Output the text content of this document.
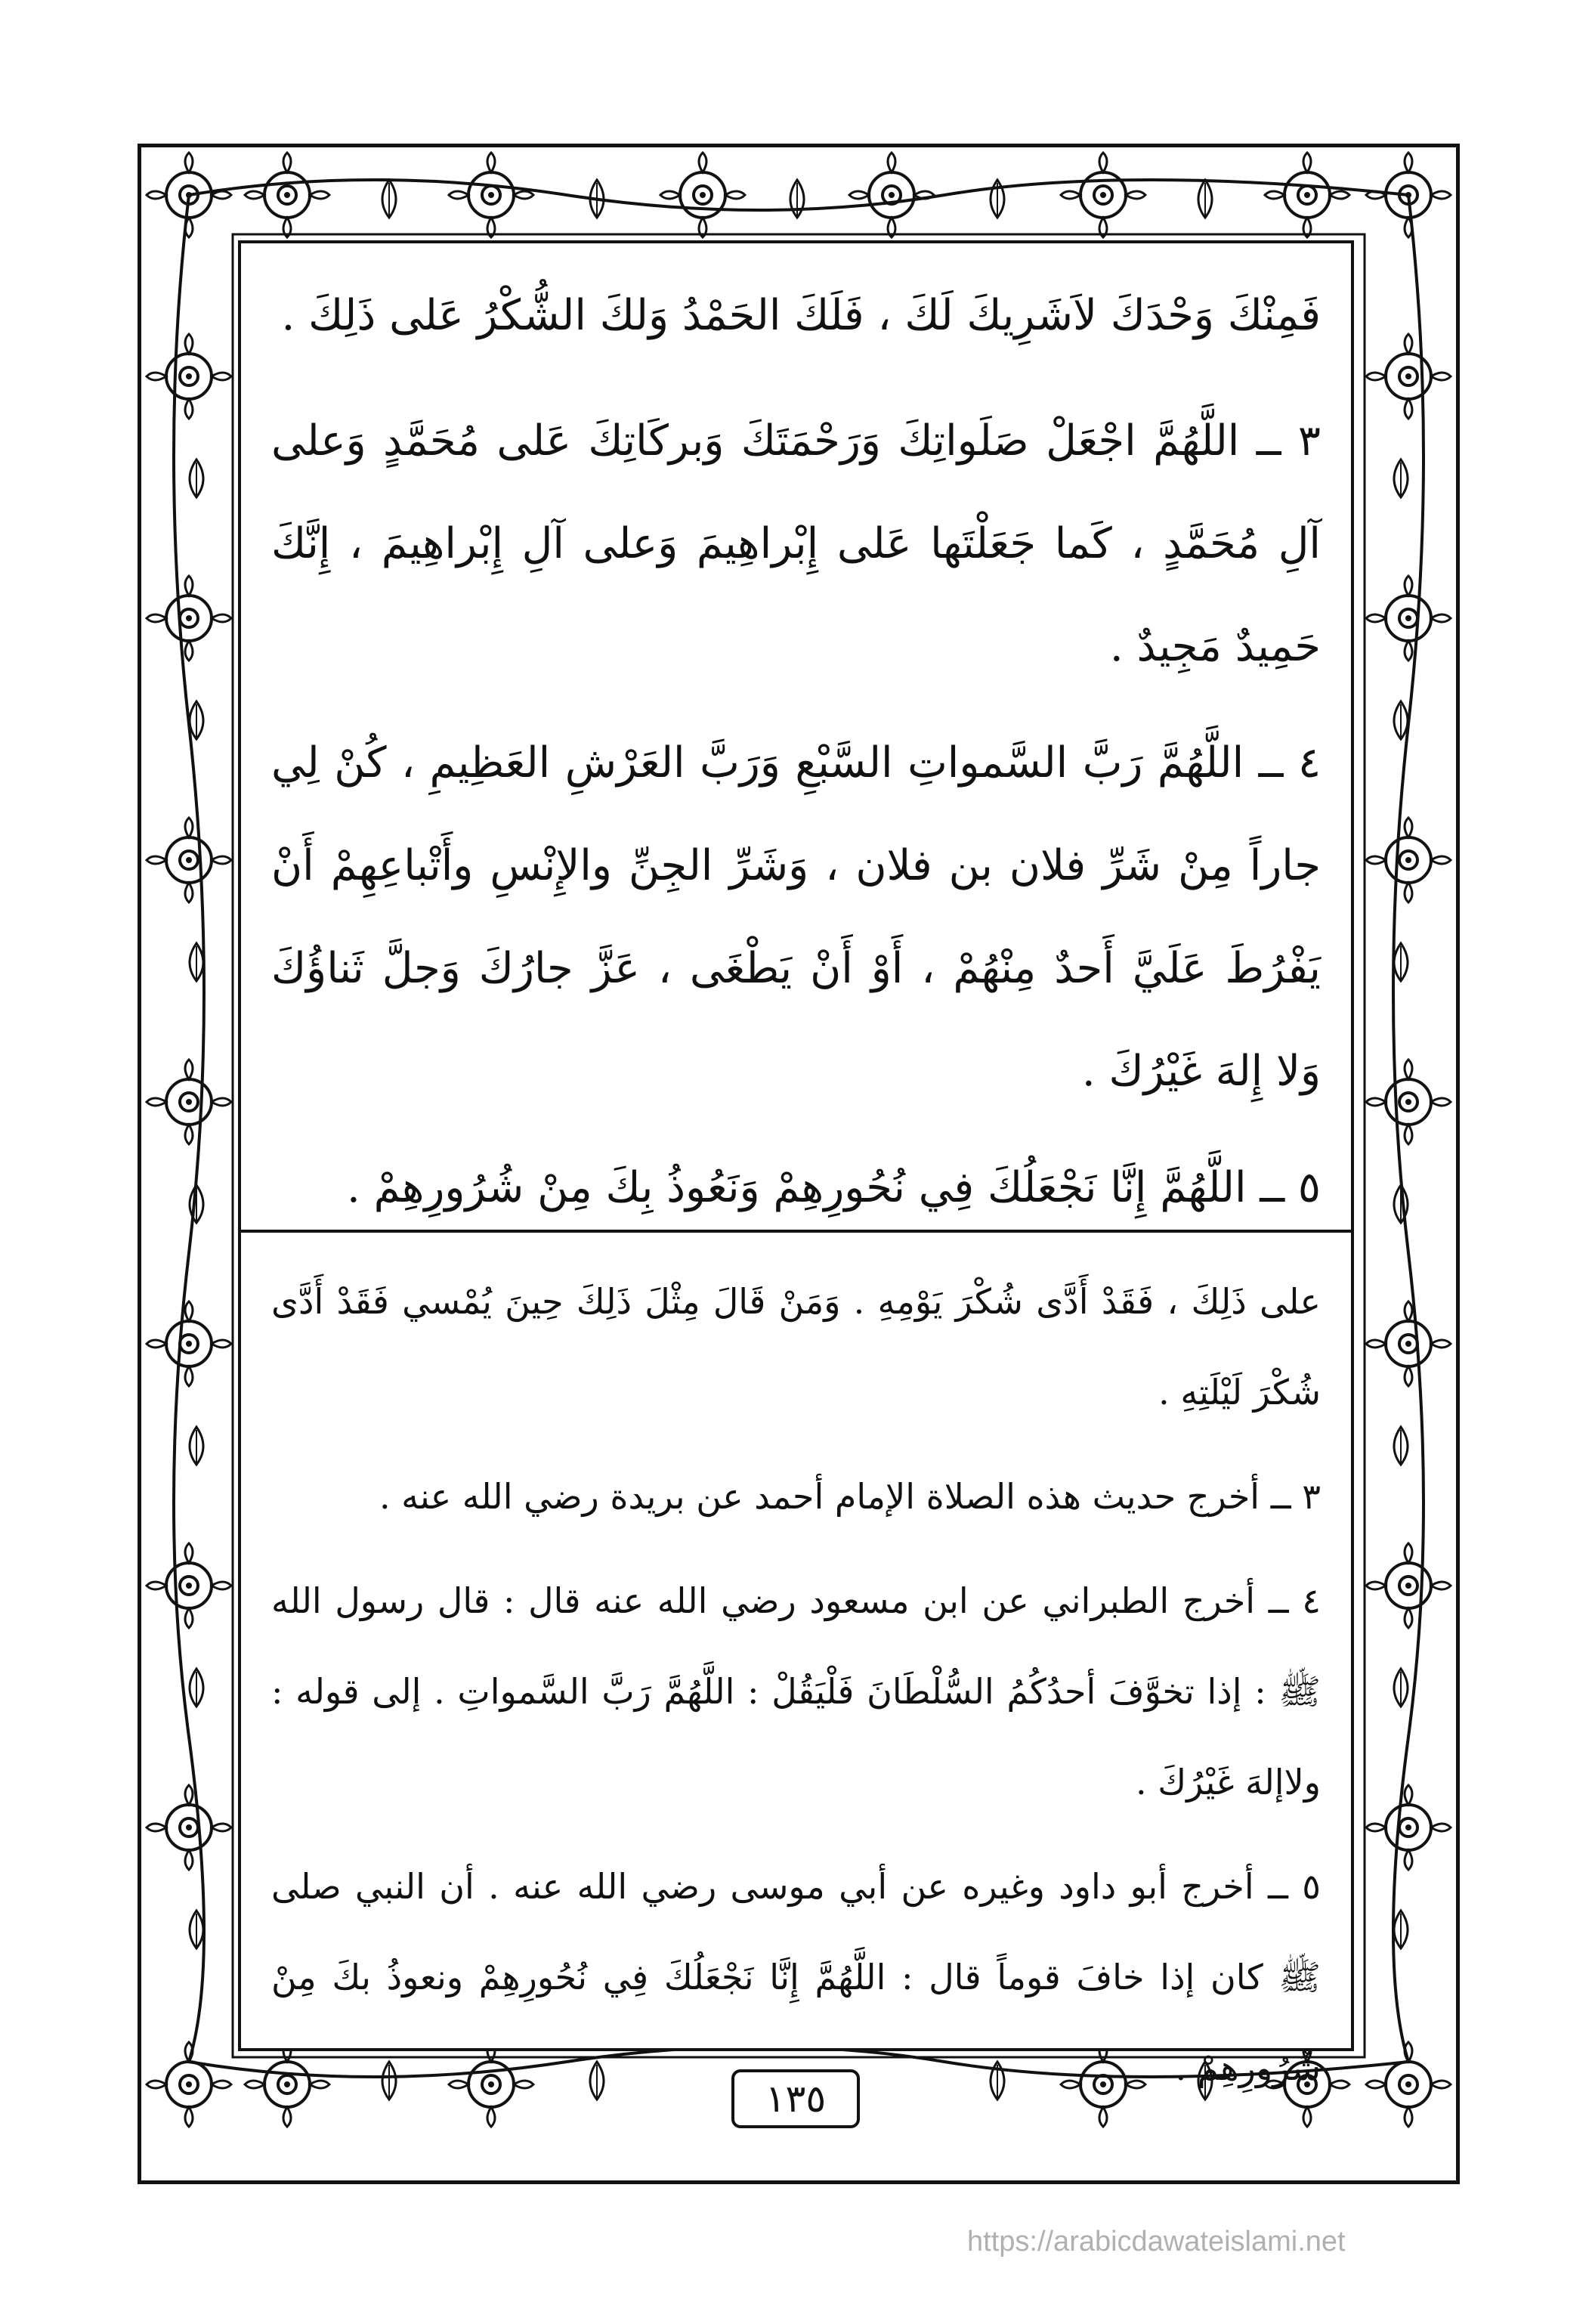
فَمِنْكَ وَحْدَكَ لاَشَرِيكَ لَكَ ، فَلَكَ الحَمْدُ وَلكَ الشُّكْرُ عَلى ذَلِكَ .

٣ ــ اللَّهُمَّ اجْعَلْ صَلَواتِكَ وَرَحْمَتَكَ وَبركَاتِكَ عَلى مُحَمَّدٍ وَعلى آلِ مُحَمَّدٍ ، كَما جَعَلْتَها عَلى إِبْراهِيمَ وَعلى آلِ إِبْراهِيمَ ، إِنَّكَ حَمِيدٌ مَجِيدٌ .

٤ ــ اللَّهُمَّ رَبَّ السَّمواتِ السَّبْعِ وَرَبَّ العَرْشِ العَظِيمِ ، كُنْ لِي جاراً مِنْ شَرِّ فلان بن فلان ، وَشَرِّ الجِنِّ والإِنْسِ وأَتْباعِهِمْ أَنْ يَفْرُطَ عَلَيَّ أَحدٌ مِنْهُمْ ، أَوْ أَنْ يَطْغَى ، عَزَّ جارُكَ وَجلَّ ثَناؤُكَ وَلا إِلهَ غَيْرُكَ .

٥ ــ اللَّهُمَّ إِنَّا نَجْعَلُكَ فِي نُحُورِهِمْ وَنَعُوذُ بِكَ مِنْ شُرُورِهِمْ .

على ذَلِكَ ، فَقَدْ أَدَّى شُكْرَ يَوْمِهِ . وَمَنْ قَالَ مِثْلَ ذَلِكَ حِينَ يُمْسي فَقَدْ أَدَّى شُكْرَ لَيْلَتِهِ .

٣ ــ أخرج حديث هذه الصلاة الإمام أحمد عن بريدة رضي الله عنه .

٤ ــ أخرج الطبراني عن ابن مسعود رضي الله عنه قال : قال رسول الله ﷺ : إذا تخوَّفَ أحدُكُمُ السُّلْطَانَ فَلْيَقُلْ : اللَّهُمَّ رَبَّ السَّمواتِ . إلى قوله : ولاإلهَ غَيْرُكَ .

٥ ــ أخرج أبو داود وغيره عن أبي موسى رضي الله عنه . أن النبي صلى ﷺ كان إذا خافَ قوماً قال : اللَّهُمَّ إِنَّا نَجْعَلُكَ فِي نُحُورِهِمْ ونعوذُ بكَ مِنْ شُرُورِهِمْ .

١٣٥
https://arabicdawateislami.net
